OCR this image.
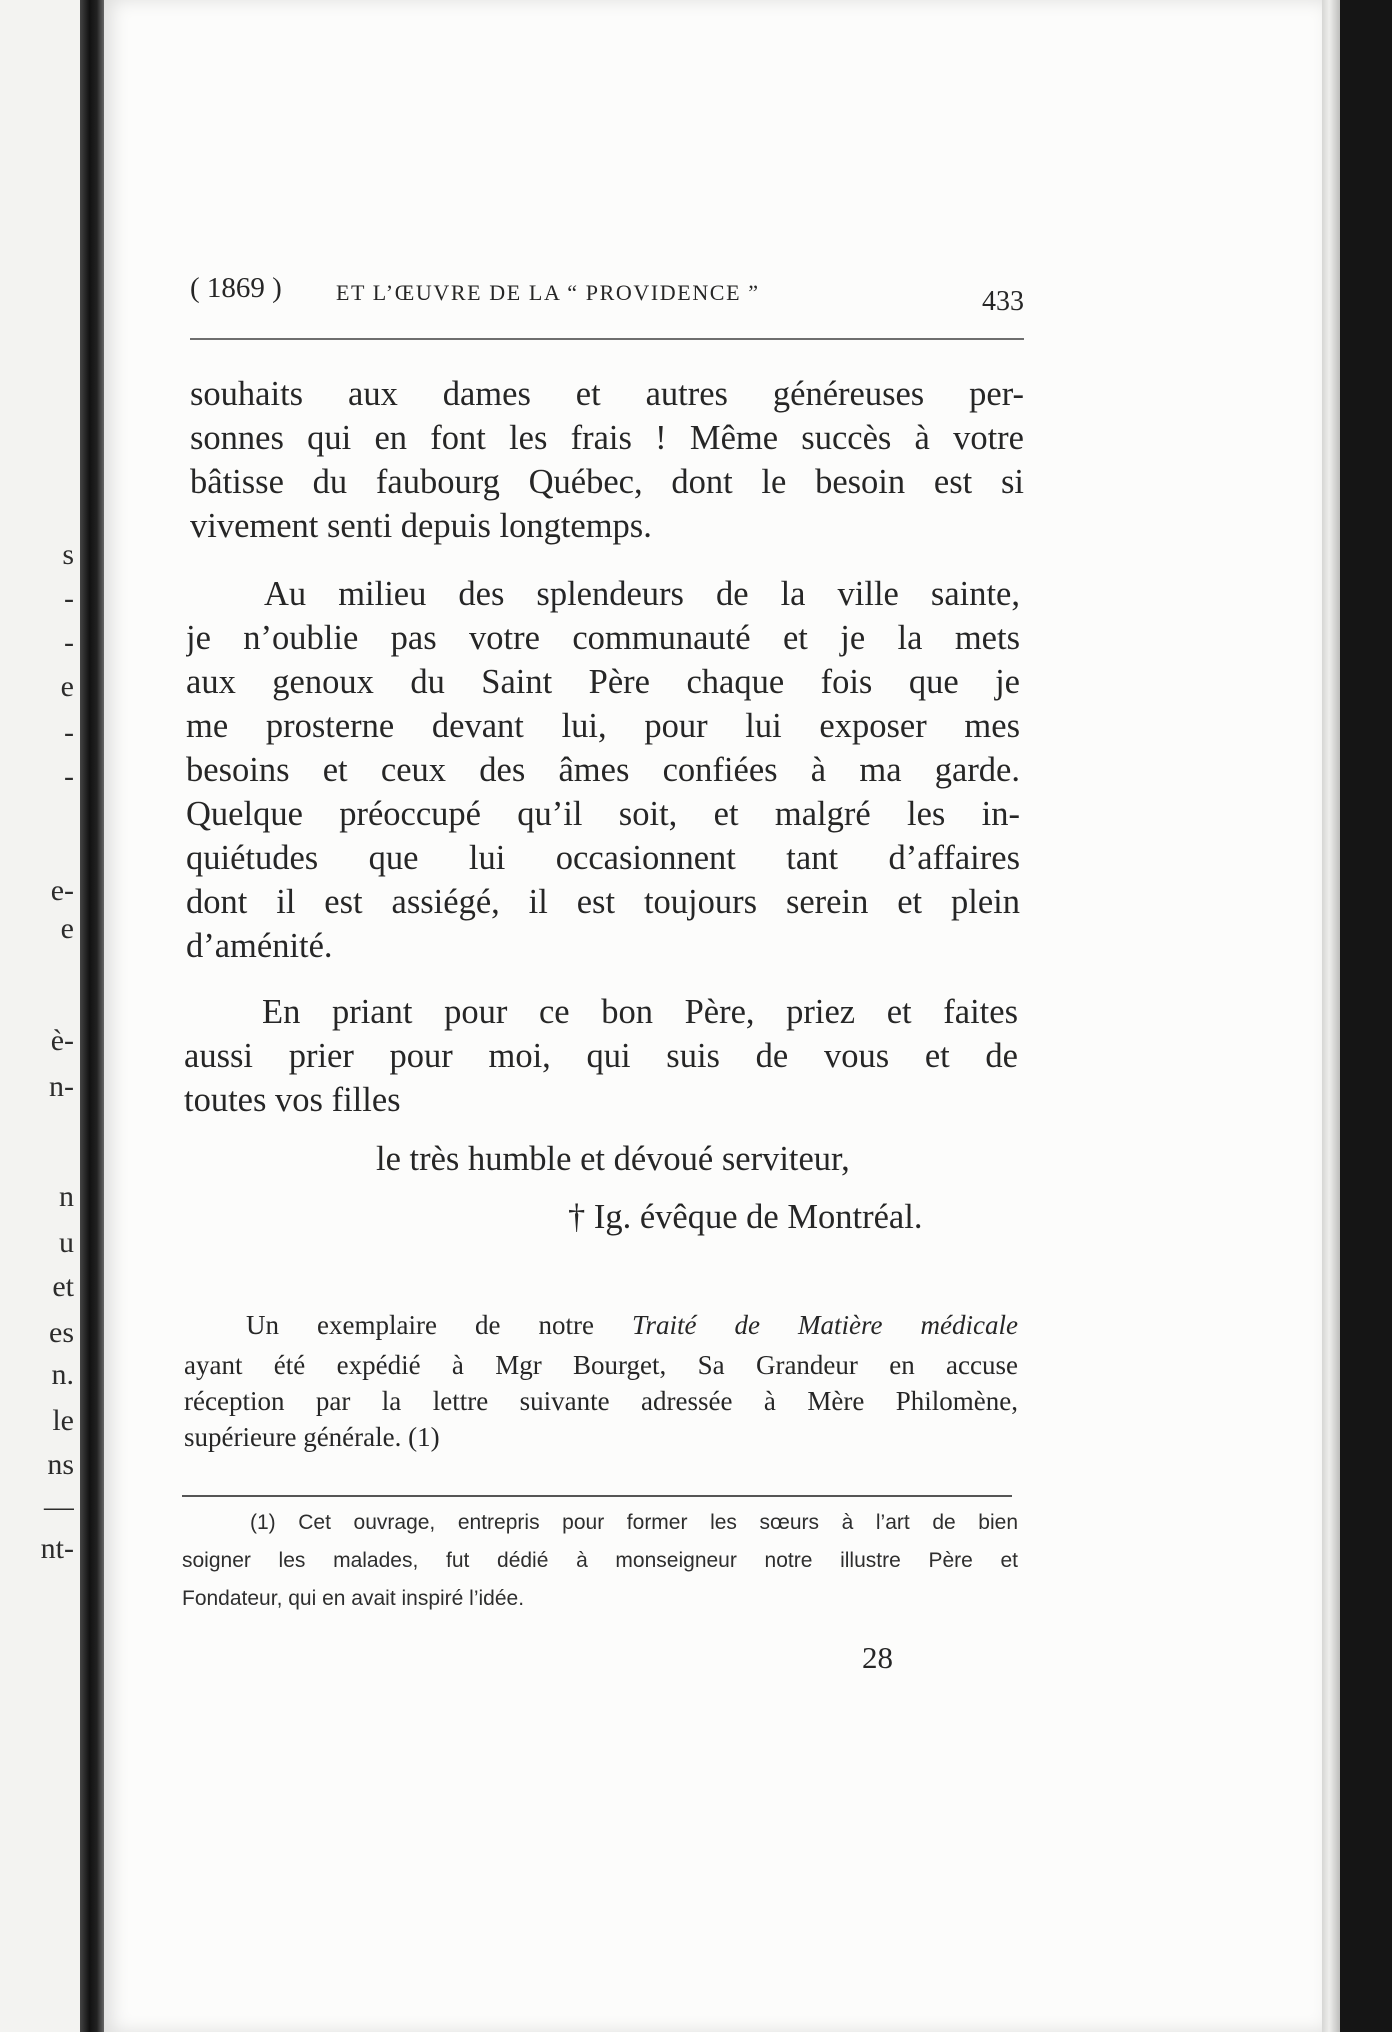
s
-
-
e
-
-
e-
e
è-
n-
n
u
et
es
n.
le
ns
—
nt-
( 1869 ) ET L’ŒUVRE DE LA “ PROVIDENCE ”	433
souhaits aux dames et autres généreuses per-
sonnes qui en font les frais ! Même succès à votre
bâtisse du faubourg Québec, dont le besoin est si
vivement senti depuis longtemps.
Au milieu des splendeurs de la ville sainte,
je n’oublie pas votre communauté et je la mets
aux genoux du Saint Père chaque fois que je
me prosterne devant lui, pour lui exposer mes
besoins et ceux des âmes confiées à ma garde.
Quelque préoccupé qu’il soit, et malgré les in-
quiétudes que lui occasionnent tant d’affaires
dont il est assiégé, il est toujours serein et plein
d’aménité.
En priant pour ce bon Père, priez et faites
aussi prier pour moi, qui suis de vous et de
toutes vos filles
le très humble et dévoué serviteur,
† Ig. évêque de Montréal.
Un exemplaire de notre Traité de Matière médicale
ayant été expédié à Mgr Bourget, Sa Grandeur en accuse
réception par la lettre suivante adressée à Mère Philomène,
supérieure générale. (1)
(1) Cet ouvrage, entrepris pour former les sœurs à l’art de bien
soigner les malades, fut dédié à monseigneur notre illustre Père et
Fondateur, qui en avait inspiré l’idée.
28
